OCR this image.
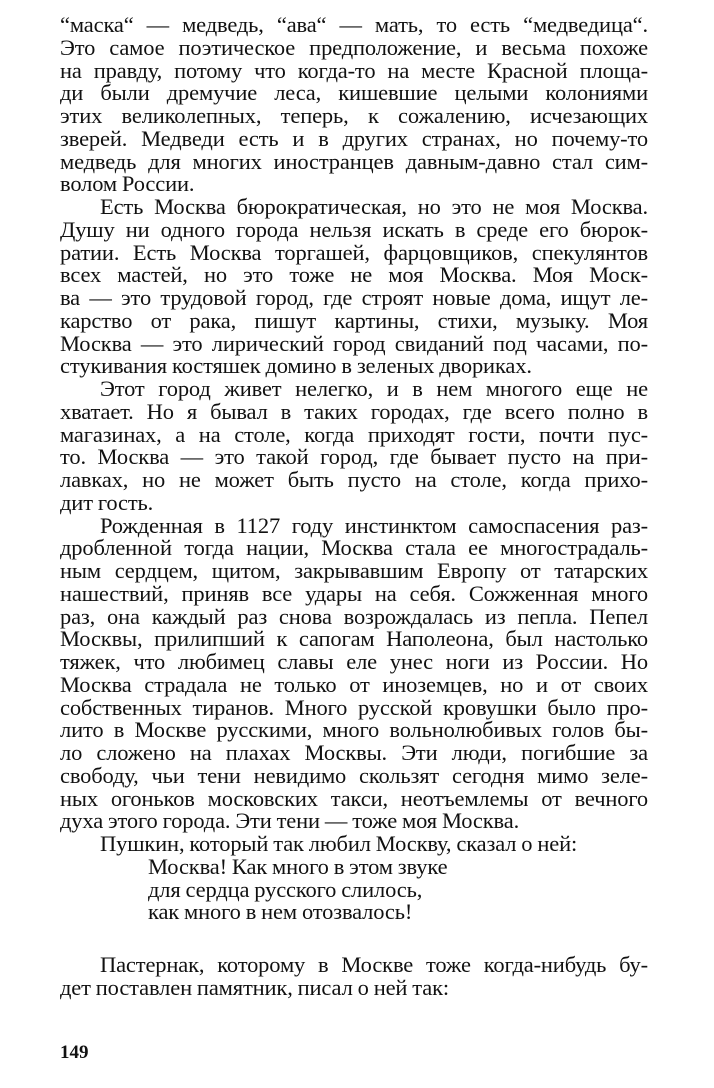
“маска“ — медведь, “ава“ — мать, то есть “медведица“.
Это самое поэтическое предположение, и весьма похоже
на правду, потому что когда-то на месте Красной площа-
ди были дремучие леса, кишевшие целыми колониями
этих великолепных, теперь, к сожалению, исчезающих
зверей. Медведи есть и в других странах, но почему-то
медведь для многих иностранцев давным-давно стал сим-
волом России.
Есть Москва бюрократическая, но это не моя Москва.
Душу ни одного города нельзя искать в среде его бюрок-
ратии. Есть Москва торгашей, фарцовщиков, спекулянтов
всех мастей, но это тоже не моя Москва. Моя Моск-
ва — это трудовой город, где строят новые дома, ищут ле-
карство от рака, пишут картины, стихи, музыку. Моя
Москва — это лирический город свиданий под часами, по-
стукивания костяшек домино в зеленых двориках.
Этот город живет нелегко, и в нем многого еще не
хватает. Но я бывал в таких городах, где всего полно в
магазинах, а на столе, когда приходят гости, почти пус-
то. Москва — это такой город, где бывает пусто на при-
лавках, но не может быть пусто на столе, когда прихо-
дит гость.
Рожденная в 1127 году инстинктом самоспасения раз-
дробленной тогда нации, Москва стала ее многострадаль-
ным сердцем, щитом, закрывавшим Европу от татарских
нашествий, приняв все удары на себя. Сожженная много
раз, она каждый раз снова возрождалась из пепла. Пепел
Москвы, прилипший к сапогам Наполеона, был настолько
тяжек, что любимец славы еле унес ноги из России. Но
Москва страдала не только от иноземцев, но и от своих
собственных тиранов. Много русской кровушки было про-
лито в Москве русскими, много вольнолюбивых голов бы-
ло сложено на плахах Москвы. Эти люди, погибшие за
свободу, чьи тени невидимо скользят сегодня мимо зеле-
ных огоньков московских такси, неотъемлемы от вечного
духа этого города. Эти тени — тоже моя Москва.
Пушкин, который так любил Москву, сказал о ней:
Москва! Как много в этом звуке
для сердца русского слилось,
как много в нем отозвалось!
Пастернак, которому в Москве тоже когда-нибудь бу-
дет поставлен памятник, писал о ней так:
149
